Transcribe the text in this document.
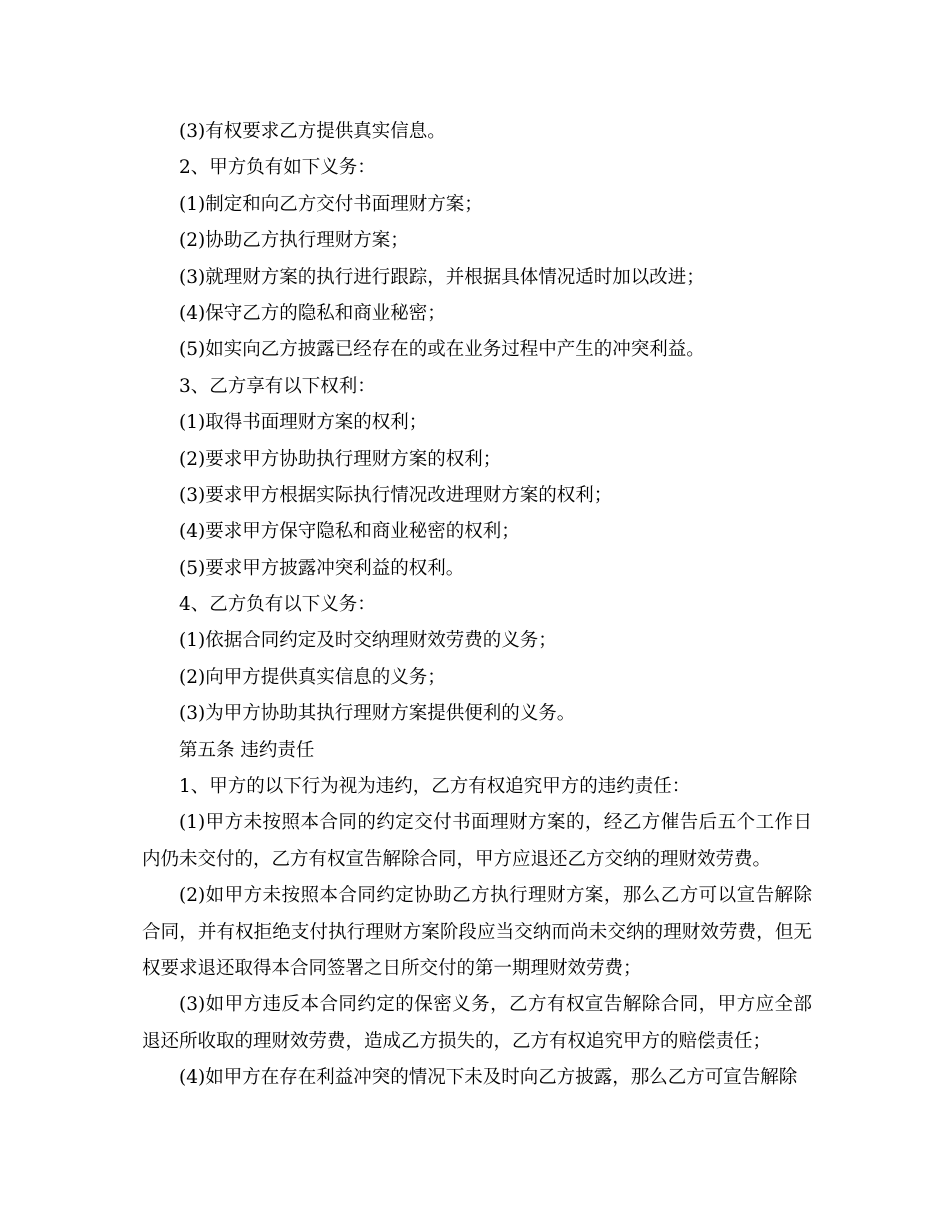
(3)有权要求乙方提供真实信息。

2、甲方负有如下义务：

(1)制定和向乙方交付书面理财方案；

(2)协助乙方执行理财方案；

(3)就理财方案的执行进行跟踪，并根据具体情况适时加以改进；

(4)保守乙方的隐私和商业秘密；

(5)如实向乙方披露已经存在的或在业务过程中产生的冲突利益。

3、乙方享有以下权利：

(1)取得书面理财方案的权利；

(2)要求甲方协助执行理财方案的权利；

(3)要求甲方根据实际执行情况改进理财方案的权利；

(4)要求甲方保守隐私和商业秘密的权利；

(5)要求甲方披露冲突利益的权利。

4、乙方负有以下义务：

(1)依据合同约定及时交纳理财效劳费的义务；

(2)向甲方提供真实信息的义务；

(3)为甲方协助其执行理财方案提供便利的义务。

第五条 违约责任

1、甲方的以下行为视为违约，乙方有权追究甲方的违约责任：

(1)甲方未按照本合同的约定交付书面理财方案的，经乙方催告后五个工作日内仍未交付的，乙方有权宣告解除合同，甲方应退还乙方交纳的理财效劳费。

(2)如甲方未按照本合同约定协助乙方执行理财方案，那么乙方可以宣告解除合同，并有权拒绝支付执行理财方案阶段应当交纳而尚未交纳的理财效劳费，但无权要求退还取得本合同签署之日所交付的第一期理财效劳费；

(3)如甲方违反本合同约定的保密义务，乙方有权宣告解除合同，甲方应全部退还所收取的理财效劳费，造成乙方损失的，乙方有权追究甲方的赔偿责任；

(4)如甲方在存在利益冲突的情况下未及时向乙方披露，那么乙方可宣告解除
